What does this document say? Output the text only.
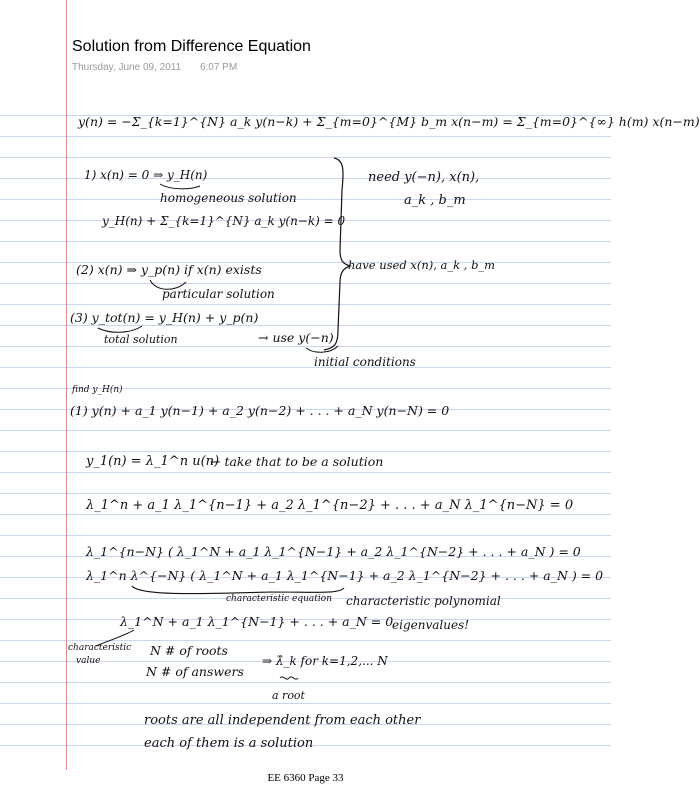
Solution from Difference Equation
Thursday, June 09, 2011 6:07 PM
y(n) = −Σ_{k=1}^{N} a_k y(n−k) + Σ_{m=0}^{M} b_m x(n−m) = Σ_{m=0}^{∞} h(m) x(n−m)
1) x(n) = 0 ⇒ y_H(n)
homogeneous solution
y_H(n) + Σ_{k=1}^{N} a_k y(n−k) = 0
need y(−n), x(n),
a_k , b_m
(2) x(n) ⇒ y_p(n) if x(n) exists
particular solution
have used x(n), a_k , b_m
(3) y_tot(n) = y_H(n) + y_p(n)
total solution	→ use y(−n)
initial conditions
find y_H(n)
(1) y(n) + a_1 y(n−1) + a_2 y(n−2) + . . . + a_N y(n−N) = 0
y_1(n) = λ_1^n u(n)
← take that to be a solution
λ_1^n + a_1 λ_1^{n−1} + a_2 λ_1^{n−2} + . . . + a_N λ_1^{n−N} = 0
λ_1^{n−N} ( λ_1^N + a_1 λ_1^{N−1} + a_2 λ_1^{N−2} + . . . + a_N ) = 0
λ_1^n λ^{−N} ( λ_1^N + a_1 λ_1^{N−1} + a_2 λ_1^{N−2} + . . . + a_N ) = 0
characteristic equation characteristic polynomial
eigenvalues!
λ_1^N + a_1 λ_1^{N−1} + . . . + a_N = 0
characteristic
value
N # of roots
N # of answers
⇒ λ̂_k for k=1,2,... N
a root
roots are all independent from each other
each of them is a solution
EE 6360 Page 33
